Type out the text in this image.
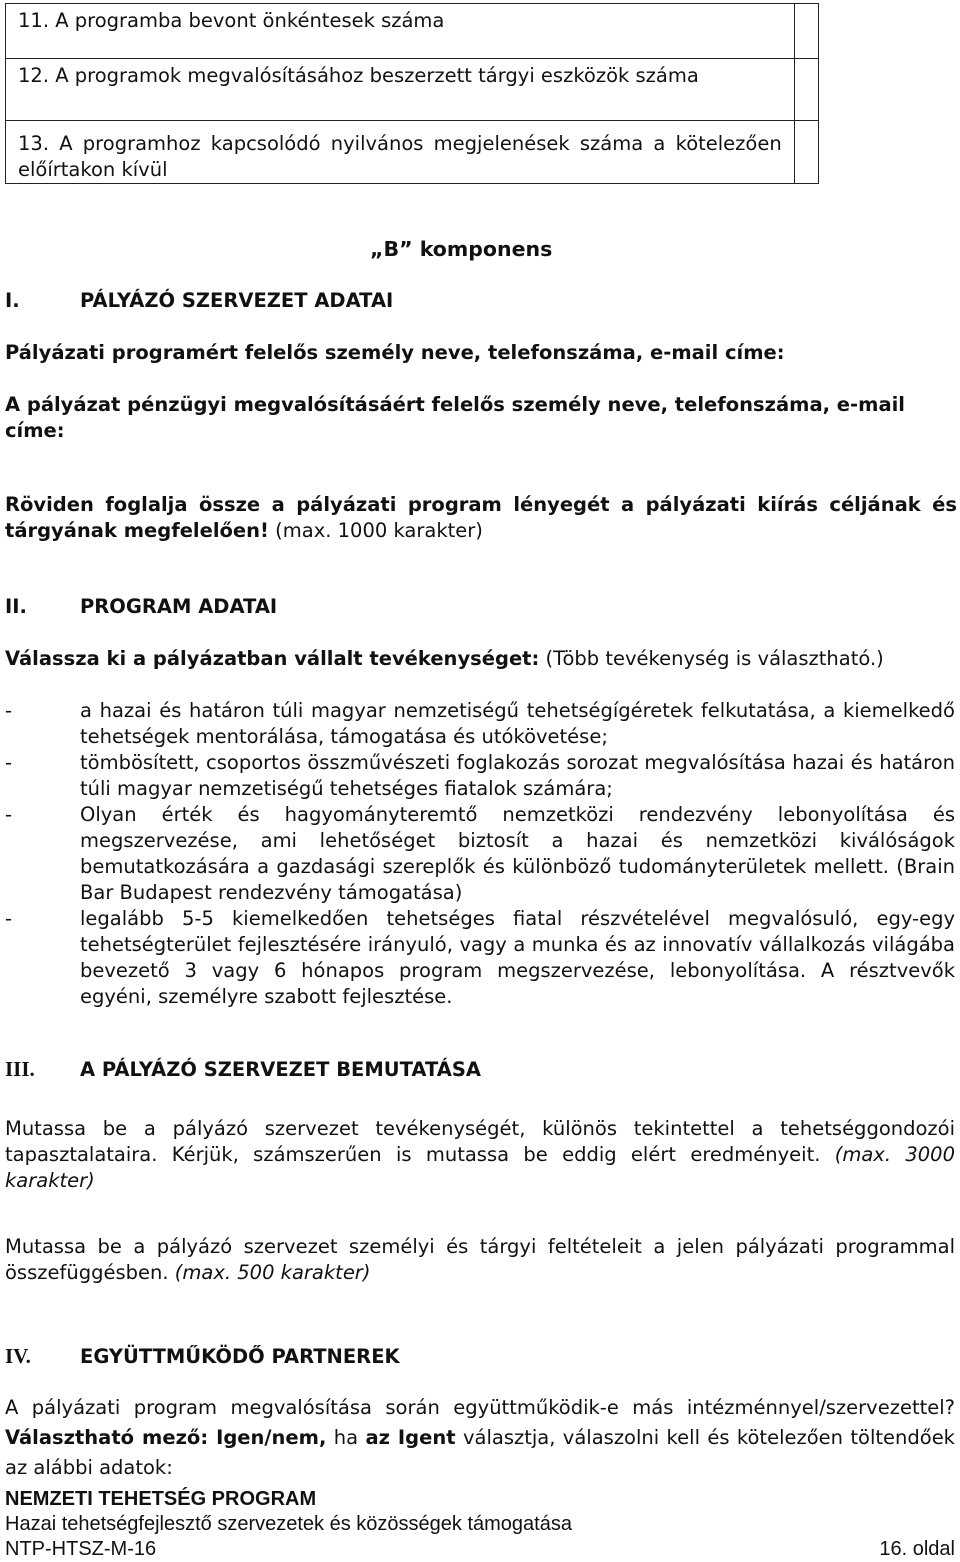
11. A programba bevont önkéntesek száma	
12. A programok megvalósításához beszerzett tárgyi eszközök száma	
13. A programhoz kapcsolódó nyilvános megjelenések száma a kötelezően előírtakon kívül	
„B” komponens
I.	PÁLYÁZÓ SZERVEZET ADATAI
Pályázati programért felelős személy neve, telefonszáma, e-mail címe:
A pályázat pénzügyi megvalósításáért felelős személy neve, telefonszáma, e-mail címe:
Röviden foglalja össze a pályázati program lényegét a pályázati kiírás céljának és tárgyának megfelelően! (max. 1000 karakter)
II.	PROGRAM ADATAI
Válassza ki a pályázatban vállalt tevékenységet: (Több tevékenység is választható.)
-	a hazai és határon túli magyar nemzetiségű tehetségígéretek felkutatása, a kiemelkedő tehetségek mentorálása, támogatása és utókövetése;
-	tömbösített, csoportos összművészeti foglakozás sorozat megvalósítása hazai és határon túli magyar nemzetiségű tehetséges fiatalok számára;
-	Olyan érték és hagyományteremtő nemzetközi rendezvény lebonyolítása és megszervezése, ami lehetőséget biztosít a hazai és nemzetközi kiválóságok bemutatkozására a gazdasági szereplők és különböző tudományterületek mellett. (Brain Bar Budapest rendezvény támogatása)
-	legalább 5-5 kiemelkedően tehetséges fiatal részvételével megvalósuló, egy-egy tehetségterület fejlesztésére irányuló, vagy a munka és az innovatív vállalkozás világába bevezető 3 vagy 6 hónapos program megszervezése, lebonyolítása. A résztvevők egyéni, személyre szabott fejlesztése.
III. A PÁLYÁZÓ SZERVEZET BEMUTATÁSA
Mutassa be a pályázó szervezet tevékenységét, különös tekintettel a tehetséggondozói tapasztalataira. Kérjük, számszerűen is mutassa be eddig elért eredményeit. (max. 3000 karakter)
Mutassa be a pályázó szervezet személyi és tárgyi feltételeit a jelen pályázati programmal összefüggésben. (max. 500 karakter)
IV.	EGYÜTTMŰKÖDŐ PARTNEREK
A pályázati program megvalósítása során együttműködik-e más intézménnyel/szervezettel? Választható mező: Igen/nem, ha az Igent választja, válaszolni kell és kötelezően töltendőek az alábbi adatok:
NEMZETI TEHETSÉG PROGRAM
Hazai tehetségfejlesztő szervezetek és közösségek támogatása
NTP-HTSZ-M-16	16. oldal
